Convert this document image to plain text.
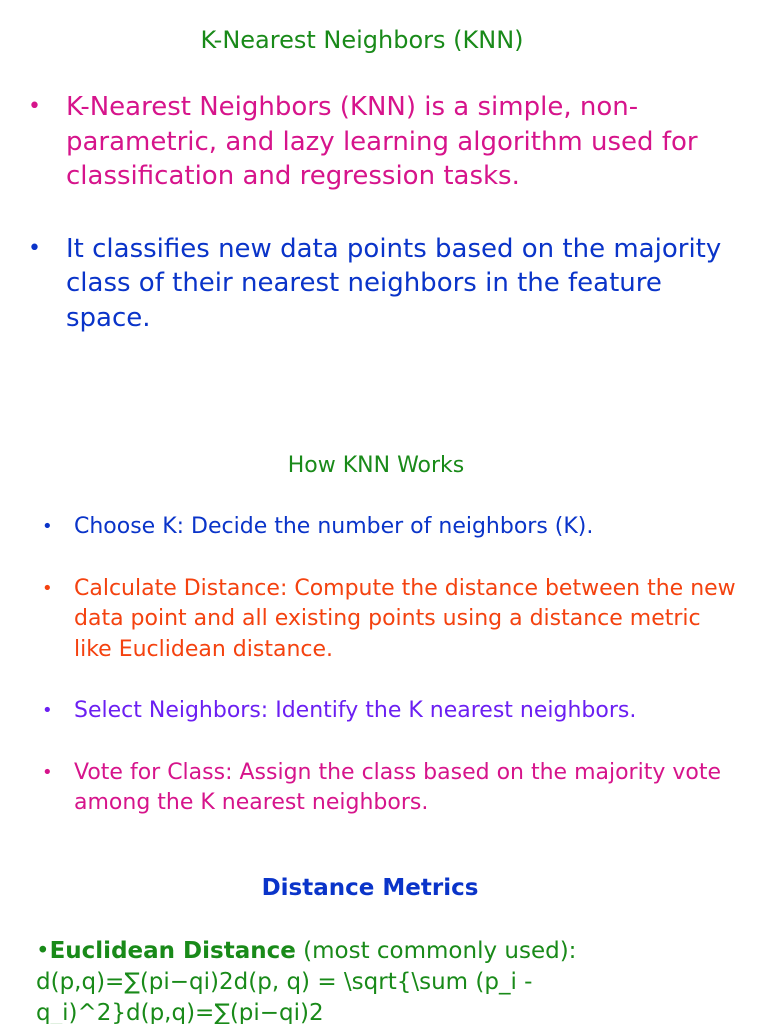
K-Nearest Neighbors (KNN)
• K-Nearest Neighbors (KNN) is a simple, non-parametric, and lazy learning algorithm used for classification and regression tasks.
• It classifies new data points based on the majority class of their nearest neighbors in the feature space.
How KNN Works
• Choose K: Decide the number of neighbors (K).
• Calculate Distance: Compute the distance between the new data point and all existing points using a distance metric like Euclidean distance.
• Select Neighbors: Identify the K nearest neighbors.
• Vote for Class: Assign the class based on the majority vote among the K nearest neighbors.
Distance Metrics
•Euclidean Distance (most commonly used): d(p,q)=∑(pi−qi)2d(p, q) = \sqrt{\sum (p_i - q_i)^2}d(p,q)=∑(pi−qi)2
